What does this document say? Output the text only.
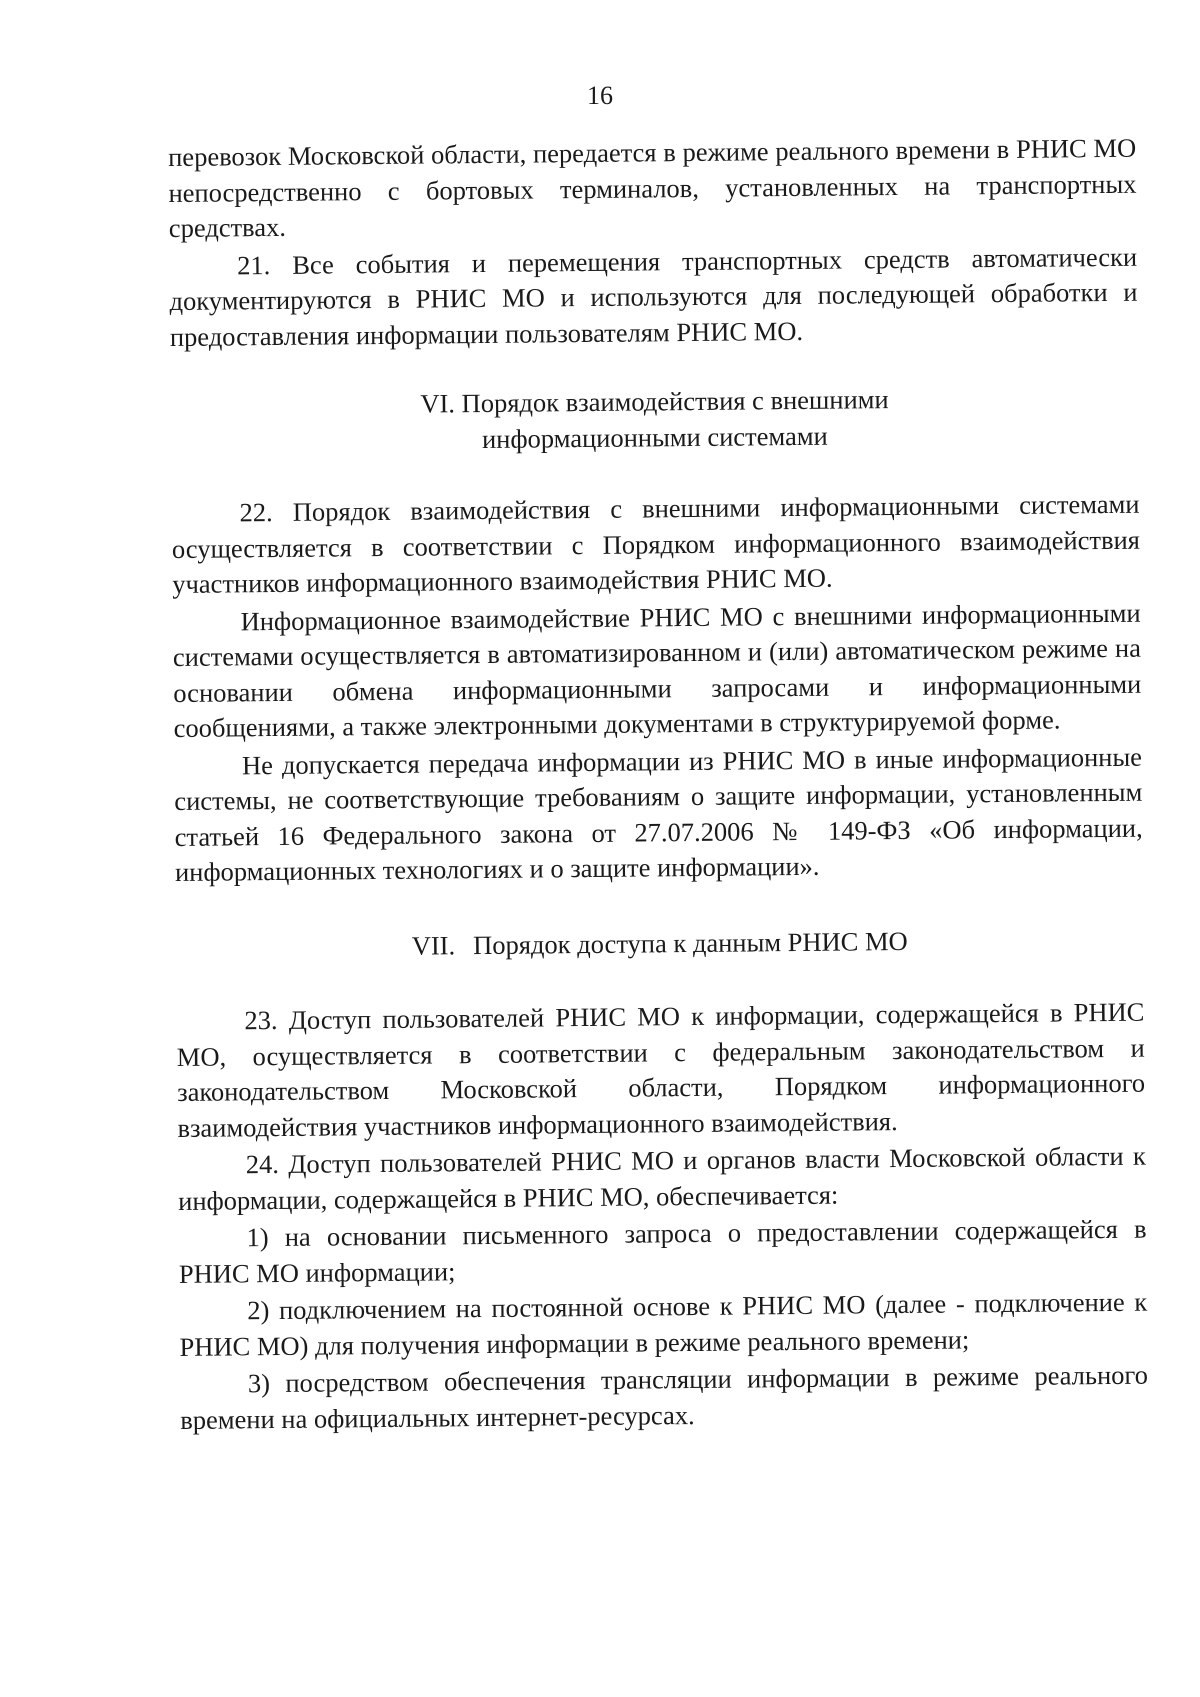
16

перевозок Московской области, передается в режиме реального времени в РНИС МО непосредственно с бортовых терминалов, установленных на транспортных средствах.

21. Все события и перемещения транспортных средств автоматически документируются в РНИС МО и используются для последующей обработки и предоставления информации пользователям РНИС МО.

VI. Порядок взаимодействия с внешними
информационными системами

22. Порядок взаимодействия с внешними информационными системами осуществляется в соответствии с Порядком информационного взаимодействия участников информационного взаимодействия РНИС МО.

Информационное взаимодействие РНИС МО с внешними информационными системами осуществляется в автоматизированном и (или) автоматическом режиме на основании обмена информационными запросами и информационными сообщениями, а также электронными документами в структурируемой форме.

Не допускается передача информации из РНИС МО в иные информационные системы, не соответствующие требованиям о защите информации, установленным статьей 16 Федерального закона от 27.07.2006 № 149-ФЗ «Об информации, информационных технологиях и о защите информации».

VII. Порядок доступа к данным РНИС МО

23. Доступ пользователей РНИС МО к информации, содержащейся в РНИС МО, осуществляется в соответствии с федеральным законодательством и законодательством Московской области, Порядком информационного взаимодействия участников информационного взаимодействия.

24. Доступ пользователей РНИС МО и органов власти Московской области к информации, содержащейся в РНИС МО, обеспечивается:

1) на основании письменного запроса о предоставлении содержащейся в РНИС МО информации;

2) подключением на постоянной основе к РНИС МО (далее - подключение к РНИС МО) для получения информации в режиме реального времени;

3) посредством обеспечения трансляции информации в режиме реального времени на официальных интернет-ресурсах.
